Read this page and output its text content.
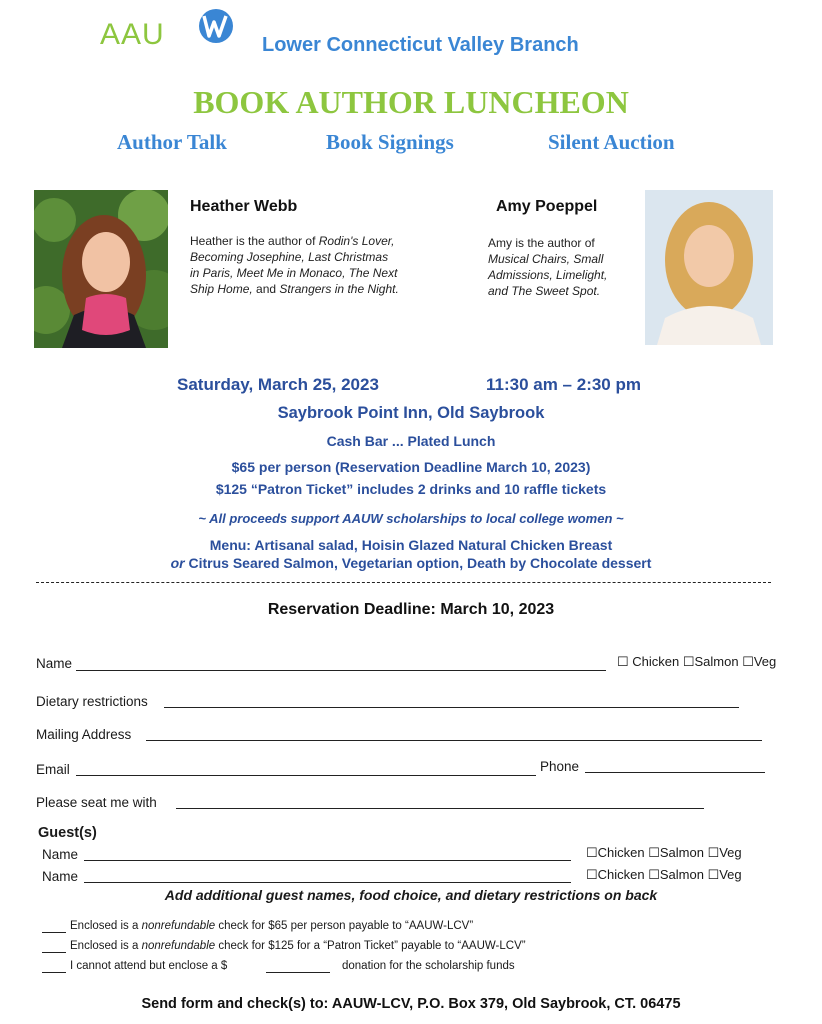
AAU	Lower Connecticut Valley Branch
BOOK AUTHOR LUNCHEON
Author Talk	Book Signings	Silent Auction
Heather Webb
Heather is the author of Rodin's Lover, Becoming Josephine, Last Christmas in Paris, Meet Me in Monaco, The Next Ship Home, and Strangers in the Night.
Amy Poeppel
Amy is the author of Musical Chairs, Small Admissions, Limelight, and The Sweet Spot.
Saturday, March 25, 2023	11:30 am – 2:30 pm
Saybrook Point Inn, Old Saybrook
Cash Bar ... Plated Lunch
$65 per person (Reservation Deadline March 10, 2023)
$125 “Patron Ticket” includes 2 drinks and 10 raffle tickets
~ All proceeds support AAUW scholarships to local college women ~
Menu: Artisanal salad, Hoisin Glazed Natural Chicken Breast
or Citrus Seared Salmon, Vegetarian option, Death by Chocolate dessert
Reservation Deadline: March 10, 2023
Name	☐ Chicken ☐Salmon ☐Veg
Dietary restrictions
Mailing Address
Email	Phone
Please seat me with
Guest(s)
Name	☐Chicken ☐Salmon ☐Veg
Name	☐Chicken ☐Salmon ☐Veg
Add additional guest names, food choice, and dietary restrictions on back
Enclosed is a nonrefundable check for $65 per person payable to “AAUW-LCV”
Enclosed is a nonrefundable check for $125 for a “Patron Ticket” payable to “AAUW-LCV”
I cannot attend but enclose a $	donation for the scholarship funds
Send form and check(s) to: AAUW-LCV, P.O. Box 379, Old Saybrook, CT. 06475
